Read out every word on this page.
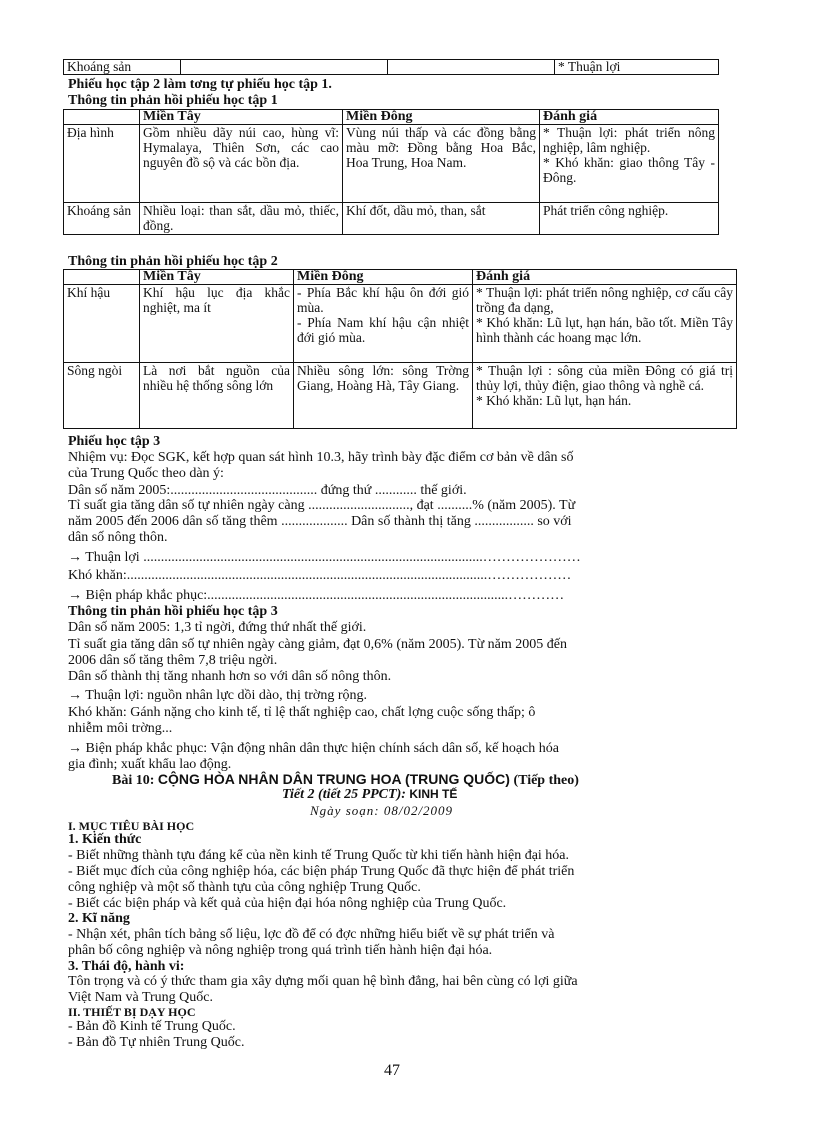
Khoáng sản			* Thuận lợi
Phiếu học tập 2 làm tơng tự phiếu học tập 1.
Thông tin phản hồi phiếu học tập 1
	Miền Tây	Miền Đông	Đánh giá
Địa hình	Gồm nhiều dãy núi cao, hùng vĩ: Hymalaya, Thiên Sơn, các cao nguyên đồ sộ và các bồn địa.	Vùng núi thấp và các đồng bằng màu mỡ: Đồng bằng Hoa Bắc, Hoa Trung, Hoa Nam.	* Thuận lợi: phát triển nông nghiệp, lâm nghiệp.
* Khó khăn: giao thông Tây - Đông.
Khoáng sản	Nhiều loại: than sắt, dầu mỏ, thiếc, đồng.	Khí đốt, dầu mỏ, than, sắt	Phát triển công nghiệp.
Thông tin phản hồi phiếu học tập 2
	Miền Tây	Miền Đông	Đánh giá
Khí hậu	Khí hậu lục địa khắc nghiệt, ma ít	- Phía Bắc khí hậu ôn đới gió mùa.
- Phía Nam khí hậu cận nhiệt đới gió mùa.	* Thuận lợi: phát triển nông nghiệp, cơ cấu cây trồng đa dạng,
* Khó khăn: Lũ lụt, hạn hán, bão tốt. Miền Tây hình thành các hoang mạc lớn.
Sông ngòi	Là nơi bắt nguồn của nhiều hệ thống sông lớn	Nhiều sông lớn: sông Trờng Giang, Hoàng Hà, Tây Giang.	* Thuận lợi : sông của miền Đông có giá trị thủy lợi, thủy điện, giao thông và nghề cá.
* Khó khăn: Lũ lụt, hạn hán.
Phiếu học tập 3
Nhiệm vụ: Đọc SGK, kết hợp quan sát hình 10.3, hãy trình bày đặc điểm cơ bản về dân số
của Trung Quốc theo dàn ý:
Dân số năm 2005:.......................................... đứng thứ ............ thế giới.
Tỉ suất gia tăng dân số tự nhiên ngày càng ............................., đạt ..........% (năm 2005). Từ
năm 2005 đến 2006 dân số tăng thêm ................... Dân số thành thị tăng ................. so với
dân số nông thôn.
→ Thuận lợi .................................................................................................…………………
Khó khăn:.......................................................................................................………………
→ Biện pháp khắc phục:......................................................................................…………
Thông tin phản hồi phiếu học tập 3
Dân số năm 2005: 1,3 tỉ ngời, đứng thứ nhất thế giới.
Tỉ suất gia tăng dân số tự nhiên ngày càng giảm, đạt 0,6% (năm 2005). Từ năm 2005 đến
2006 dân số tăng thêm 7,8 triệu ngời.
Dân số thành thị tăng nhanh hơn so với dân số nông thôn.
→ Thuận lợi: nguồn nhân lực dồi dào, thị trờng rộng.
Khó khăn: Gánh nặng cho kinh tế, tỉ lệ thất nghiệp cao, chất lợng cuộc sống thấp; ô
nhiễm môi trờng...
→ Biện pháp khắc phục: Vận động nhân dân thực hiện chính sách dân số, kế hoạch hóa
gia đình; xuất khẩu lao động.
Bài 10: CỘNG HÒA NHÂN DÂN TRUNG HOA (TRUNG QUỐC) (Tiếp theo)
Tiết 2 (tiết 25 PPCT): KINH TẾ
Ngày soạn: 08/02/2009
I. MỤC TIÊU BÀI HỌC
1. Kiến thức
- Biết những thành tựu đáng kể của nền kinh tế Trung Quốc từ khi tiến hành hiện đại hóa.
- Biết mục đích của công nghiệp hóa, các biện pháp Trung Quốc đã thực hiện để phát triển
công nghiệp và một số thành tựu của công nghiệp Trung Quốc.
- Biết các biện pháp và kết quả của hiện đại hóa nông nghiệp của Trung Quốc.
2. Kĩ năng
- Nhận xét, phân tích bảng số liệu, lợc đồ để có đợc những hiểu biết về sự phát triển và
phân bố công nghiệp và nông nghiệp trong quá trình tiến hành hiện đại hóa.
3. Thái độ, hành vi:
Tôn trọng và có ý thức tham gia xây dựng mối quan hệ bình đẳng, hai bên cùng có lợi giữa
Việt Nam và Trung Quốc.
II. THIẾT BỊ DẠY HỌC
- Bản đồ Kinh tế Trung Quốc.
- Bản đồ Tự nhiên Trung Quốc.
47
